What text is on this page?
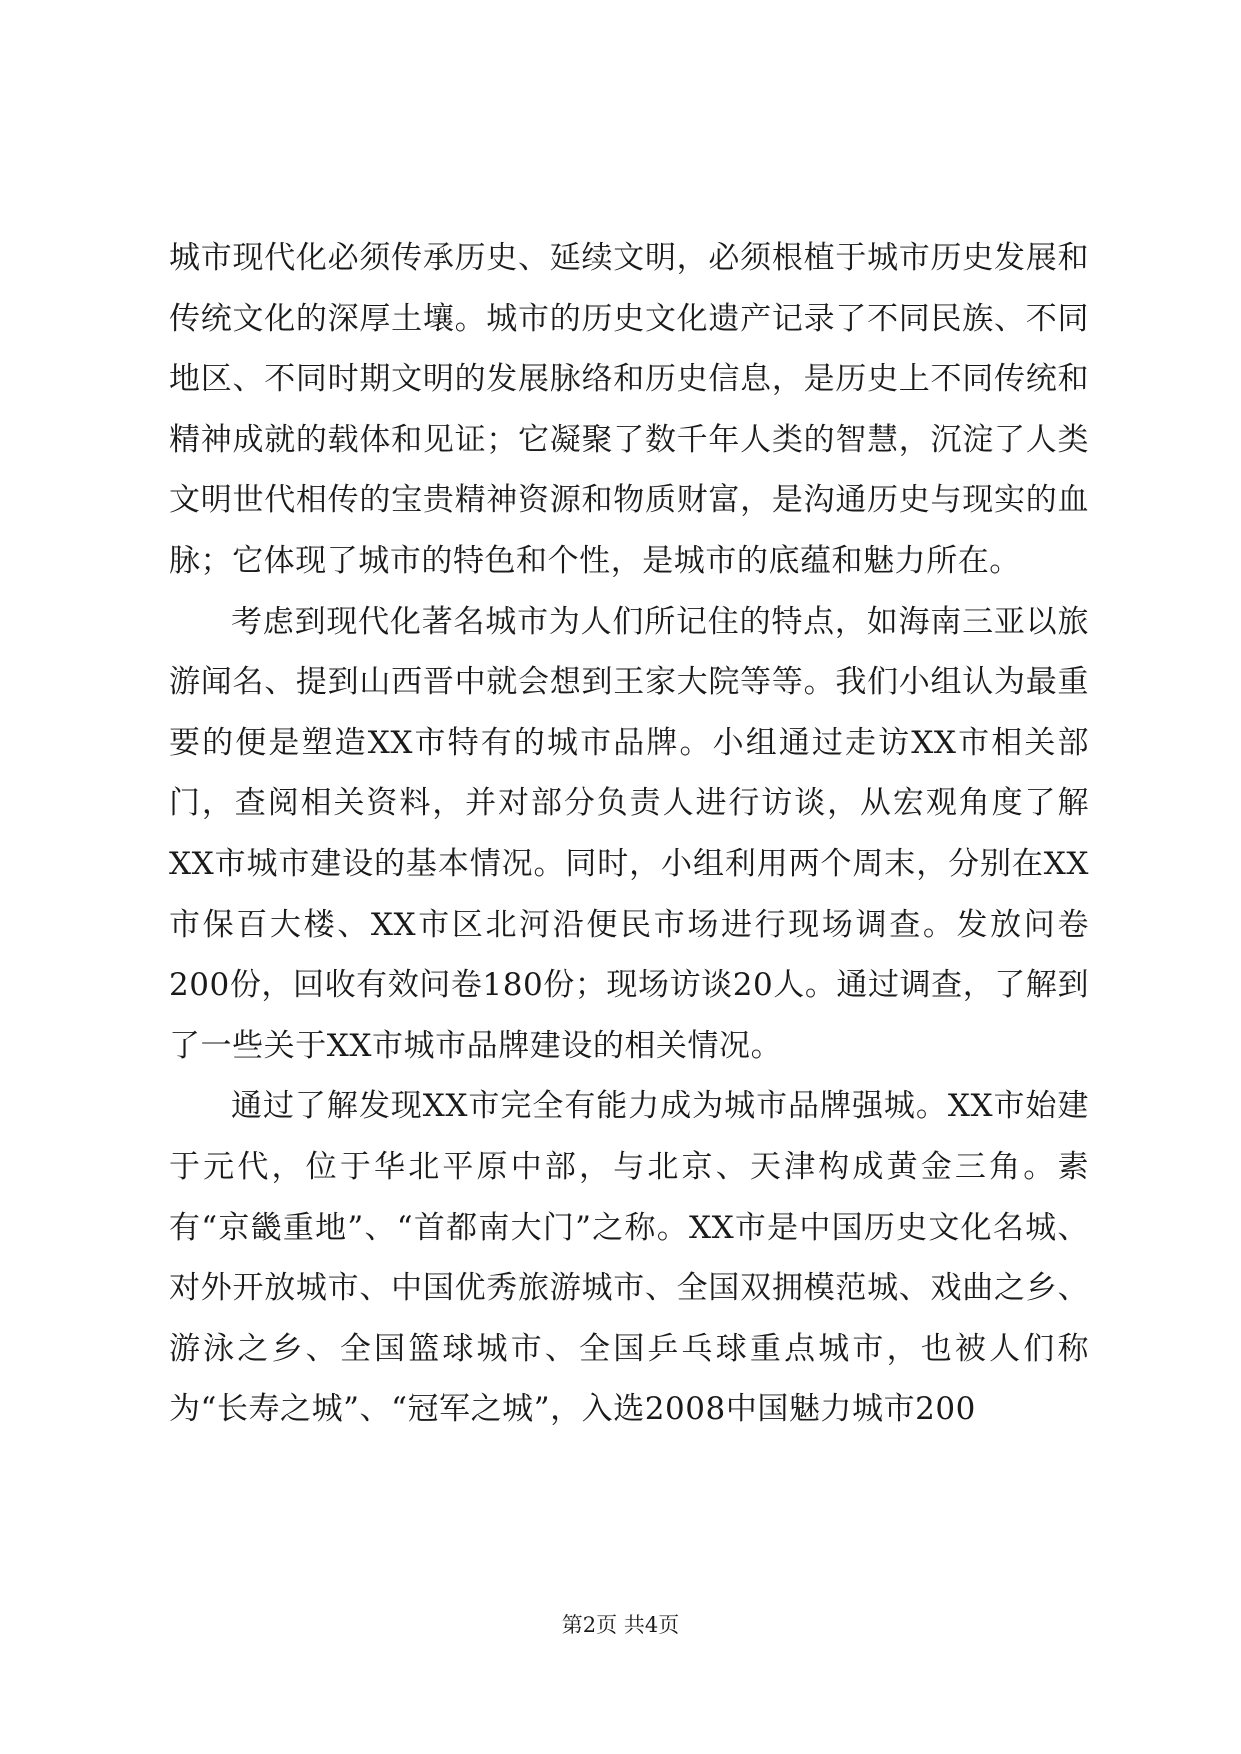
城市现代化必须传承历史、延续文明，必须根植于城市历史发展和传统文化的深厚土壤。城市的历史文化遗产记录了不同民族、不同地区、不同时期文明的发展脉络和历史信息，是历史上不同传统和精神成就的载体和见证；它凝聚了数千年人类的智慧，沉淀了人类文明世代相传的宝贵精神资源和物质财富，是沟通历史与现实的血脉；它体现了城市的特色和个性，是城市的底蕴和魅力所在。

考虑到现代化著名城市为人们所记住的特点，如海南三亚以旅游闻名、提到山西晋中就会想到王家大院等等。我们小组认为最重要的便是塑造XX市特有的城市品牌。小组通过走访XX市相关部门，查阅相关资料，并对部分负责人进行访谈，从宏观角度了解XX市城市建设的基本情况。同时，小组利用两个周末，分别在XX市保百大楼、XX市区北河沿便民市场进行现场调查。发放问卷200份，回收有效问卷180份；现场访谈20人。通过调查，了解到了一些关于XX市城市品牌建设的相关情况。

通过了解发现XX市完全有能力成为城市品牌强城。XX市始建于元代，位于华北平原中部，与北京、天津构成黄金三角。素有“京畿重地”、“首都南大门”之称。XX市是中国历史文化名城、对外开放城市、中国优秀旅游城市、全国双拥模范城、戏曲之乡、游泳之乡、全国篮球城市、全国乒乓球重点城市，也被人们称为“长寿之城”、“冠军之城”，入选2008中国魅力城市200

第2页 共4页
